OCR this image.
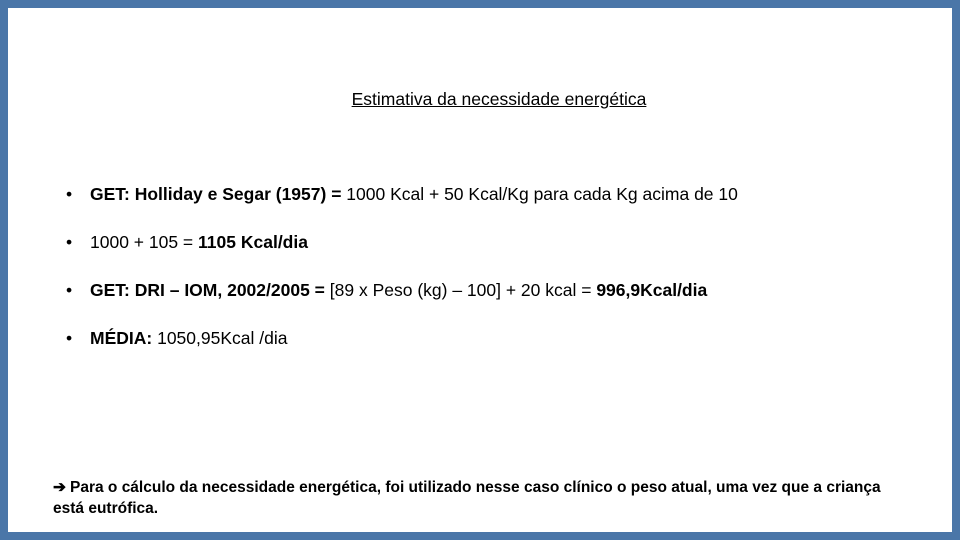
Estimativa da necessidade energética
• GET: Holliday e Segar (1957) = 1000 Kcal + 50 Kcal/Kg para cada Kg acima de 10
• 1000 + 105 = 1105 Kcal/dia
• GET: DRI – IOM, 2002/2005 = [89 x Peso (kg) – 100] + 20 kcal = 996,9Kcal/dia
• MÉDIA: 1050,95Kcal /dia
➔ Para o cálculo da necessidade energética, foi utilizado nesse caso clínico o peso atual, uma vez que a criança está eutrófica.
